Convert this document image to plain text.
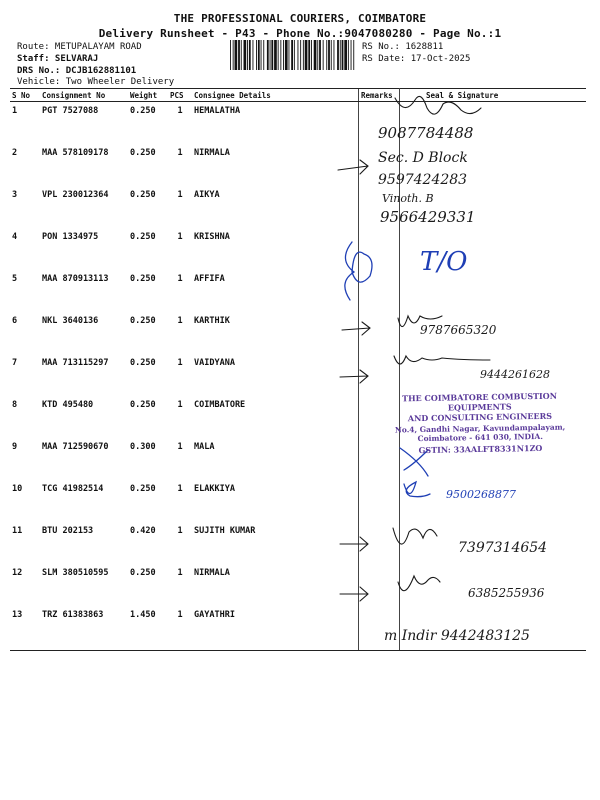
THE PROFESSIONAL COURIERS, COIMBATORE
Delivery Runsheet - P43 - Phone No.:9047080280 - Page No.:1
Route: METUPALAYAM ROAD
Staff: SELVARAJ
DRS No.: DCJB162881101
Vehicle: Two Wheeler Delivery
RS No.: 1628811
RS Date: 17-Oct-2025
S No	Consignment No	Weight	PCS	Consignee Details	Remarks	Seal & Signature
1	PGT 7527088	0.250	1	HEMALATHA		
2	MAA 578109178	0.250	1	NIRMALA		
3	VPL 230012364	0.250	1	AIKYA		
4	PON 1334975	0.250	1	KRISHNA		
5	MAA 870913113	0.250	1	AFFIFA		
6	NKL 3640136	0.250	1	KARTHIK		
7	MAA 713115297	0.250	1	VAIDYANA		
8	KTD 495480	0.250	1	COIMBATORE		
9	MAA 712590670	0.300	1	MALA		
10	TCG 41982514	0.250	1	ELAKKIYA		
11	BTU 202153	0.420	1	SUJITH KUMAR		
12	SLM 380510595	0.250	1	NIRMALA		
13	TRZ 61383863	1.450	1	GAYATHRI		
9087784488
Sec. D Block
9597424283
Vinoth. B
9566429331
T/O
9787665320
9444261628
9500268877
7397314654
6385255936
m Indir 9442483125
THE COIMBATORE COMBUSTION EQUIPMENTS
AND CONSULTING ENGINEERS
No.4, Gandhi Nagar, Kavundampalayam, Coimbatore - 641 030, INDIA.
GSTIN: 33AALFT8331N1ZO
